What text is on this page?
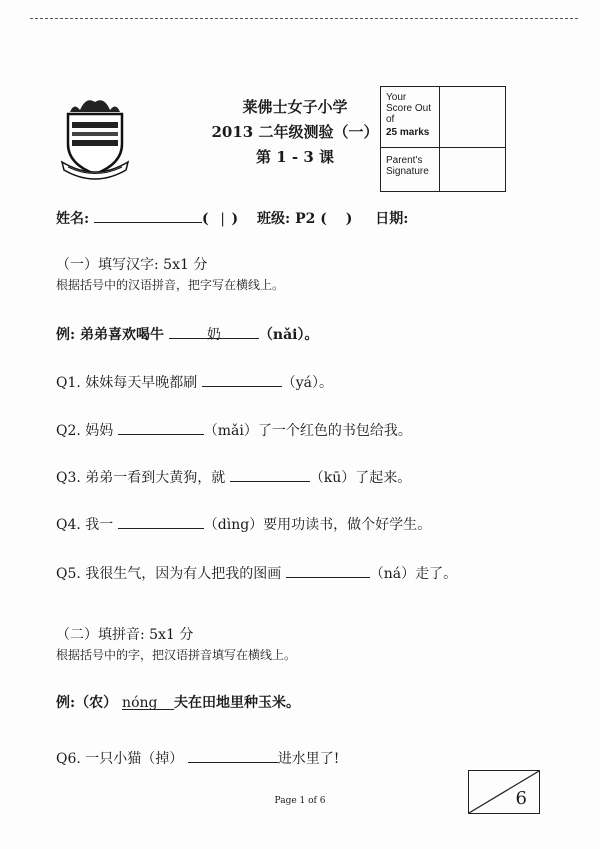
莱佛士女子小学
2013 二年级测验（一）
第 1 - 3 课
Your Score Out of
25 marks
Parent's Signature
姓名:	( | ) 班级: P2 ( ) 日期:
（一）填写汉字: 5x1 分
根据括号中的汉语拼音，把字写在横线上。
例: 弟弟喜欢喝牛	奶	（nǎi）。
Q1. 妹妹每天早晚都刷	（yá）。
Q2. 妈妈	（mǎi）了一个红色的书包给我。
Q3. 弟弟一看到大黄狗，就	（kū）了起来。
Q4. 我一	（dìng）要用功读书，做个好学生。
Q5. 我很生气，因为有人把我的图画	（ná）走了。
（二）填拼音: 5x1 分
根据括号中的字，把汉语拼音填写在横线上。
例:（农） nóng 夫在田地里种玉米。
Q6. 一只小猫（掉）	进水里了!
Page 1 of 6	6
